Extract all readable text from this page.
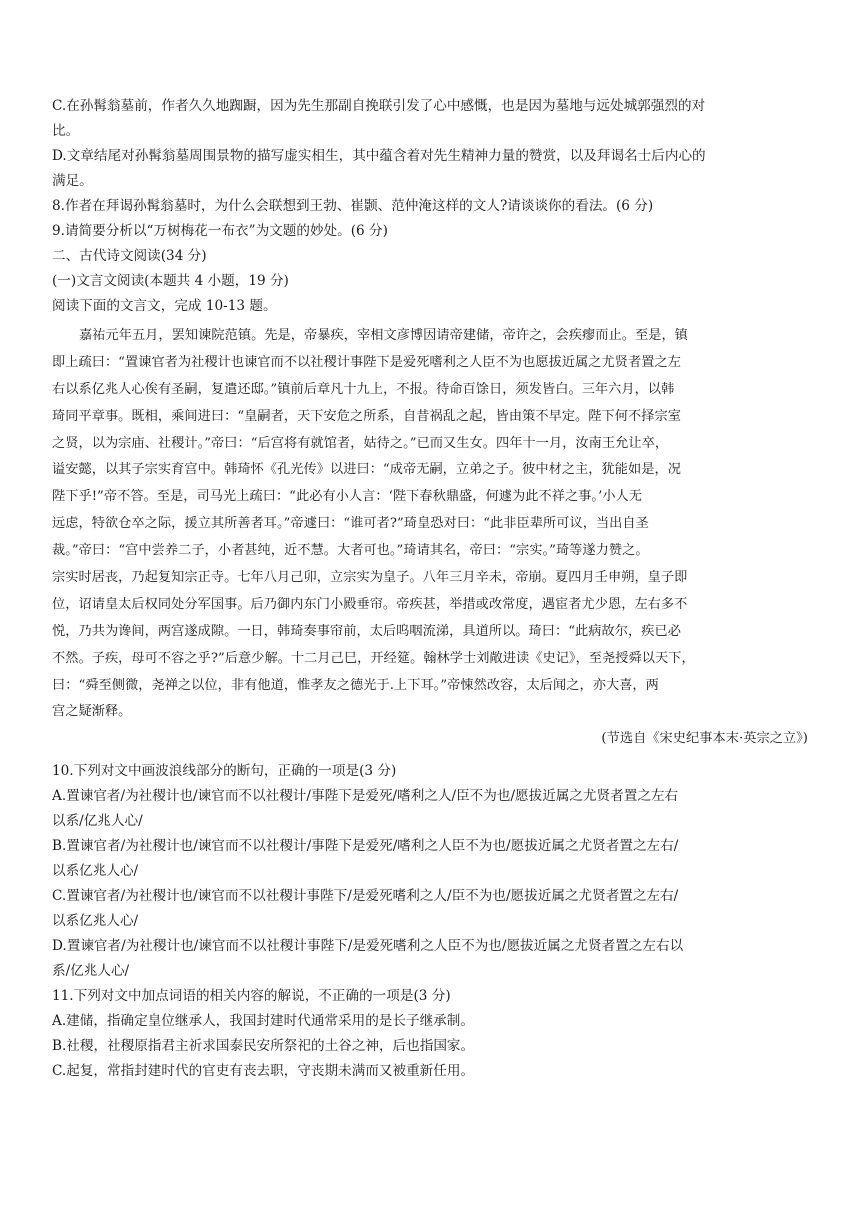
C.在孙髯翁墓前，作者久久地踟蹰，因为先生那副自挽联引发了心中感慨，也是因为墓地与远处城郭强烈的对
比。
D.文章结尾对孙髯翁墓周围景物的描写虚实相生，其中蕴含着对先生精神力量的赞赏，以及拜谒名士后内心的
满足。
8.作者在拜谒孙髯翁墓时，为什么会联想到王勃、崔颢、范仲淹这样的文人?请谈谈你的看法。(6 分)
9.请简要分析以“万树梅花一布衣”为文题的妙处。(6 分)
二、古代诗文阅读(34 分)
(一)文言文阅读(本题共 4 小题，19 分)
阅读下面的文言文，完成 10-13 题。
嘉祐元年五月，罢知谏院范镇。先是，帝暴疾，宰相文彦博因请帝建储，帝许之，会疾瘳而止。至是，镇
即上疏曰：“置谏官者为社稷计也谏官而不以社稷计事陛下是爱死嗜利之人臣不为也愿拔近属之尤贤者置之左
右以系亿兆人心俟有圣嗣，复遣还邸。”镇前后章凡十九上，不报。待命百馀日，须发皆白。三年六月，以韩
琦同平章事。既相，乘间进曰：“皇嗣者，天下安危之所系，自昔祸乱之起，皆由策不早定。陛下何不择宗室
之贤，以为宗庙、社稷计。”帝曰：“后宫将有就馆者，姑待之。”已而又生女。四年十一月，汝南王允让卒，
谥安懿，以其子宗实育宫中。韩琦怀《孔光传》以进曰：“成帝无嗣，立弟之子。彼中材之主，犹能如是，况
陛下乎!”帝不答。至是，司马光上疏曰：“此必有小人言：‘陛下春秋鼎盛，何遽为此不祥之事。’小人无
远虑，特欲仓卒之际，援立其所善者耳。”帝遽曰：“谁可者?”琦皇恐对曰：“此非臣辈所可议，当出自圣
裁。”帝曰：“宫中尝养二子，小者甚纯，近不慧。大者可也。”琦请其名，帝曰：“宗实。”琦等遂力赞之。
宗实时居丧，乃起复知宗正寺。七年八月己卯，立宗实为皇子。八年三月辛未，帝崩。夏四月壬申朔，皇子即
位，诏请皇太后权同处分军国事。后乃御内东门小殿垂帘。帝疾甚，举措或改常度，遇宦者尤少恩，左右多不
悦，乃共为谗间，两宫遂成隙。一日，韩琦奏事帘前，太后呜咽流涕，具道所以。琦曰：“此病故尔，疾已必
不然。子疾，母可不容之乎?”后意少解。十二月己巳，开经筵。翰林学士刘敞进读《史记》，至尧授舜以天下，
曰：“舜至侧微，尧禅之以位，非有他道，惟孝友之德光于.上下耳。”帝悚然改容，太后闻之，亦大喜，两
宫之疑渐释。
(节选自《宋史纪事本末·英宗之立》)
10.下列对文中画波浪线部分的断句，正确的一项是(3 分)
A.置谏官者/为社稷计也/谏官而不以社稷计/事陛下是爱死/嗜利之人/臣不为也/愿拔近属之尤贤者置之左右
以系/亿兆人心/
B.置谏官者/为社稷计也/谏官而不以社稷计/事陛下是爱死/嗜利之人臣不为也/愿拔近属之尤贤者置之左右/
以系亿兆人心/
C.置谏官者/为社稷计也/谏官而不以社稷计事陛下/是爱死嗜利之人/臣不为也/愿拔近属之尤贤者置之左右/
以系亿兆人心/
D.置谏官者/为社稷计也/谏官而不以社稷计事陛下/是爱死嗜利之人臣不为也/愿拔近属之尤贤者置之左右以
系/亿兆人心/
11.下列对文中加点词语的相关内容的解说，不正确的一项是(3 分)
A.建储，指确定皇位继承人，我国封建时代通常采用的是长子继承制。
B.社稷，社稷原指君主祈求国泰民安所祭祀的土谷之神，后也指国家。
C.起复，常指封建时代的官吏有丧去职，守丧期未满而又被重新任用。
